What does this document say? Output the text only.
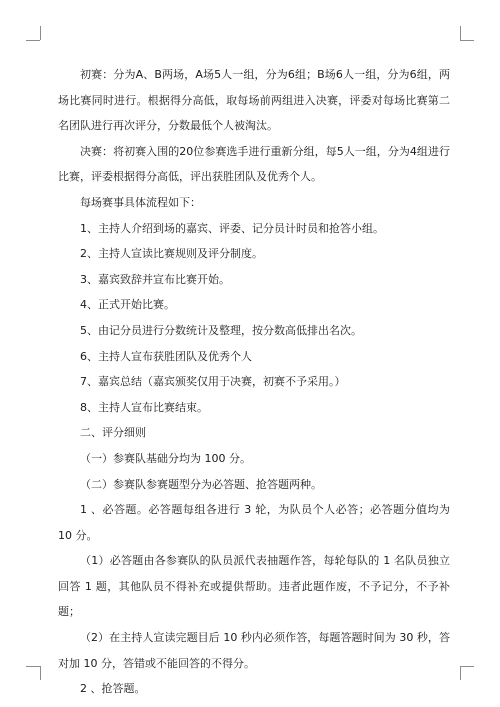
初赛：分为A、B两场，A场5人一组，分为6组；B场6人一组，分为6组，两场比赛同时进行。根据得分高低，取每场前两组进入决赛，评委对每场比赛第二名团队进行再次评分，分数最低个人被淘汰。

决赛：将初赛入围的20位参赛选手进行重新分组，每5人一组，分为4组进行比赛，评委根据得分高低，评出获胜团队及优秀个人。

每场赛事具体流程如下：

1、主持人介绍到场的嘉宾、评委、记分员计时员和抢答小组。

2、主持人宣读比赛规则及评分制度。

3、嘉宾致辞并宣布比赛开始。

4、正式开始比赛。

5、由记分员进行分数统计及整理，按分数高低排出名次。

6、主持人宣布获胜团队及优秀个人

7、嘉宾总结（嘉宾颁奖仅用于决赛，初赛不予采用。）

8、主持人宣布比赛结束。

二、评分细则

（一）参赛队基础分均为 100 分。

（二）参赛队参赛题型分为必答题、抢答题两种。

1 、必答题。必答题每组各进行 3 轮，为队员个人必答；必答题分值均为 10 分。

（1）必答题由各参赛队的队员派代表抽题作答，每轮每队的 1 名队员独立回答 1 题，其他队员不得补充或提供帮助。违者此题作废，不予记分，不予补题；

（2）在主持人宣读完题目后 10 秒内必须作答，每题答题时间为 30 秒，答对加 10 分，答错或不能回答的不得分。

2 、抢答题。
